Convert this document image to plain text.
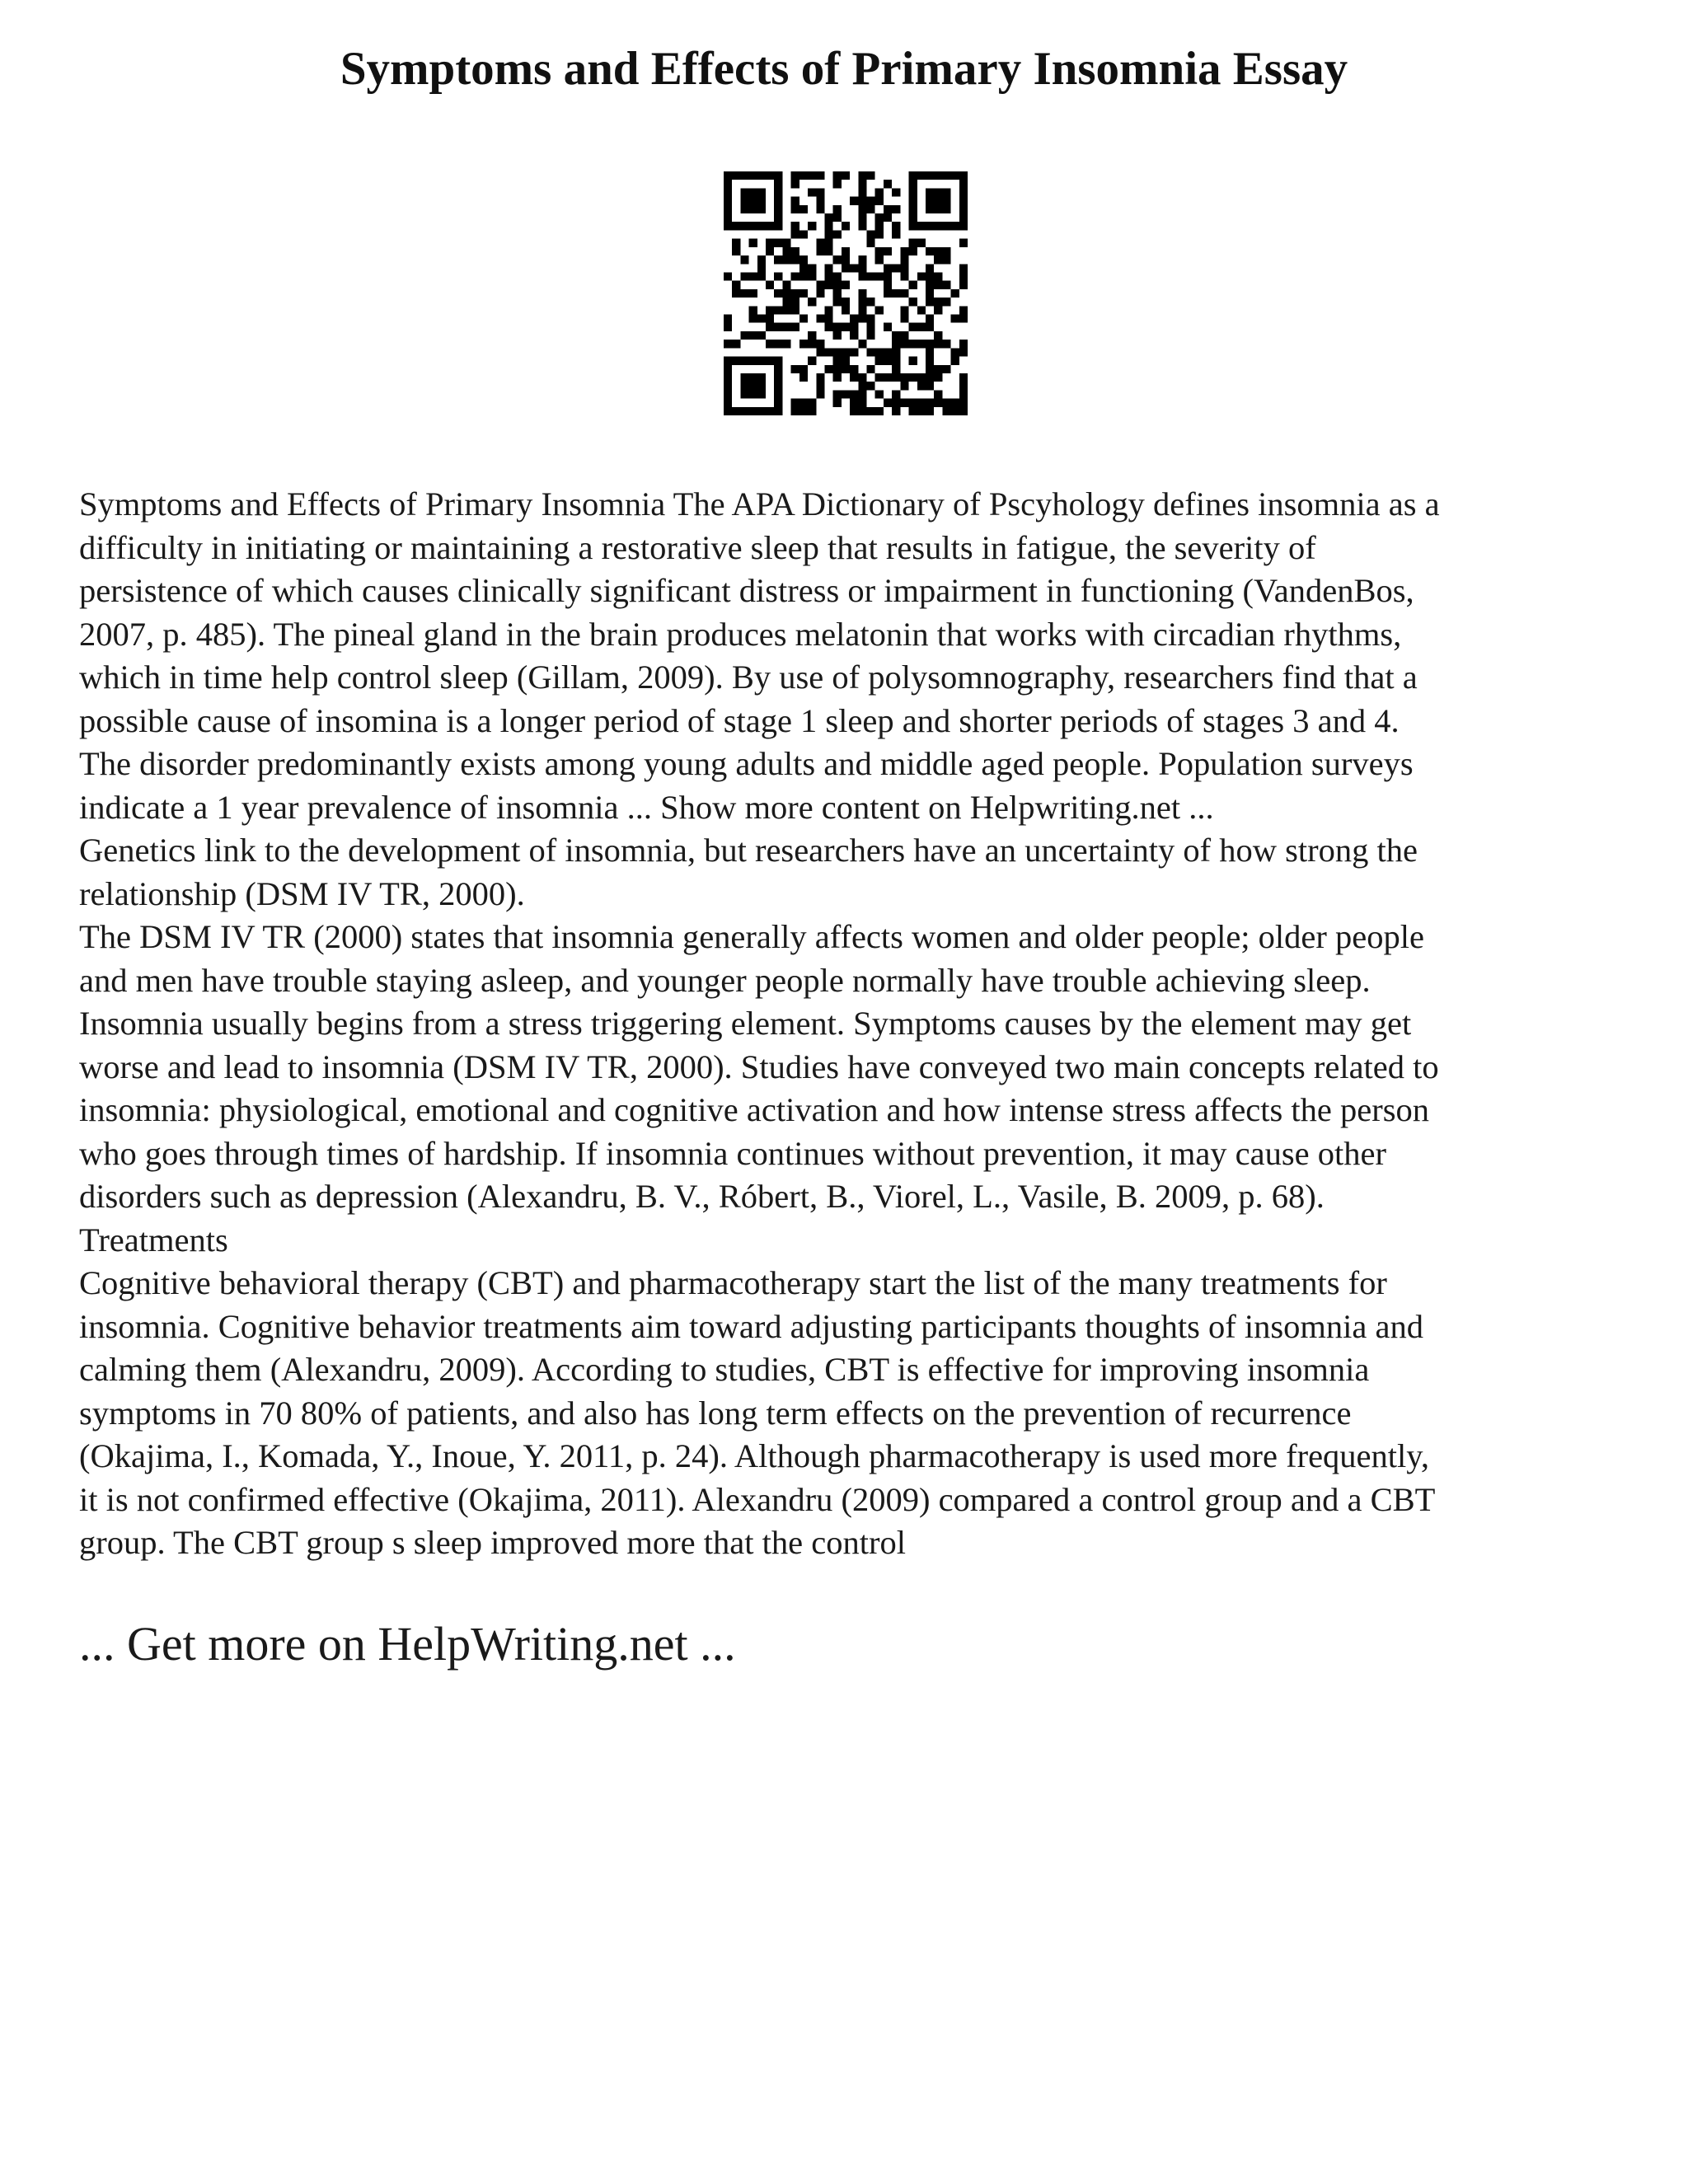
Symptoms and Effects of Primary Insomnia Essay

Symptoms and Effects of Primary Insomnia The APA Dictionary of Pscyhology defines insomnia as a
difficulty in initiating or maintaining a restorative sleep that results in fatigue, the severity of
persistence of which causes clinically significant distress or impairment in functioning (VandenBos,
2007, p. 485). The pineal gland in the brain produces melatonin that works with circadian rhythms,
which in time help control sleep (Gillam, 2009). By use of polysomnography, researchers find that a
possible cause of insomina is a longer period of stage 1 sleep and shorter periods of stages 3 and 4.
The disorder predominantly exists among young adults and middle aged people. Population surveys
indicate a 1 year prevalence of insomnia ... Show more content on Helpwriting.net ...

Genetics link to the development of insomnia, but researchers have an uncertainty of how strong the
relationship (DSM IV TR, 2000).

The DSM IV TR (2000) states that insomnia generally affects women and older people; older people
and men have trouble staying asleep, and younger people normally have trouble achieving sleep.
Insomnia usually begins from a stress triggering element. Symptoms causes by the element may get
worse and lead to insomnia (DSM IV TR, 2000). Studies have conveyed two main concepts related to
insomnia: physiological, emotional and cognitive activation and how intense stress affects the person
who goes through times of hardship. If insomnia continues without prevention, it may cause other
disorders such as depression (Alexandru, B. V., Róbert, B., Viorel, L., Vasile, B. 2009, p. 68).

Treatments

Cognitive behavioral therapy (CBT) and pharmacotherapy start the list of the many treatments for
insomnia. Cognitive behavior treatments aim toward adjusting participants thoughts of insomnia and
calming them (Alexandru, 2009). According to studies, CBT is effective for improving insomnia
symptoms in 70 80% of patients, and also has long term effects on the prevention of recurrence
(Okajima, I., Komada, Y., Inoue, Y. 2011, p. 24). Although pharmacotherapy is used more frequently,
it is not confirmed effective (Okajima, 2011). Alexandru (2009) compared a control group and a CBT
group. The CBT group s sleep improved more that the control

... Get more on HelpWriting.net ...
